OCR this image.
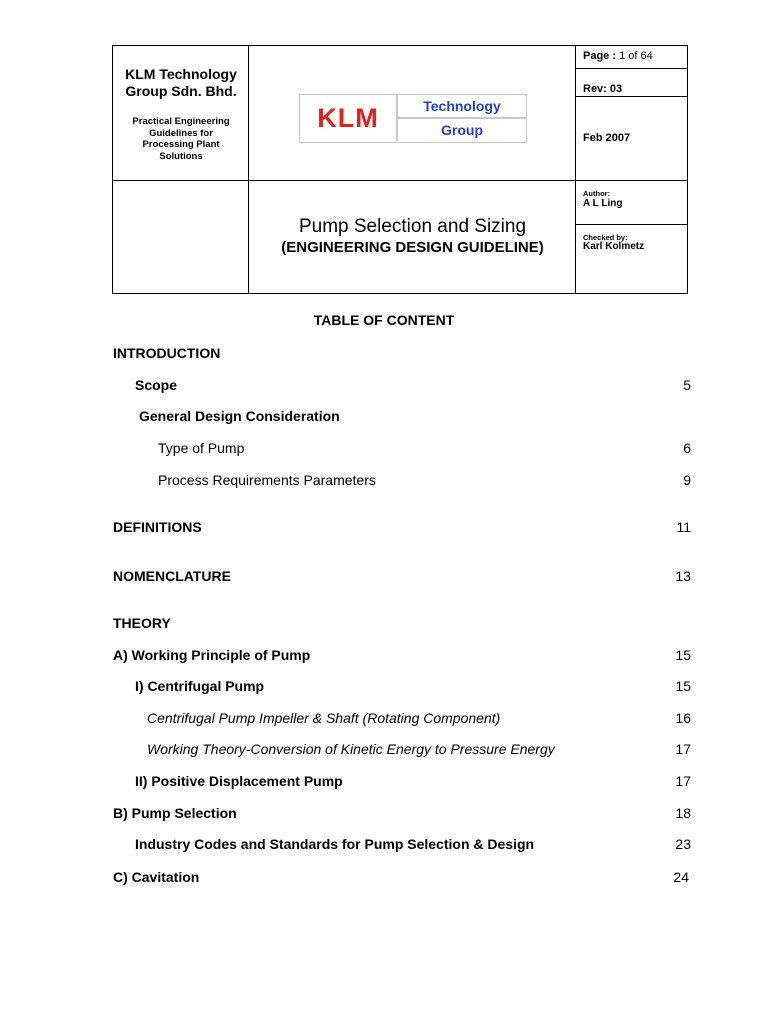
KLM Technology
Group Sdn. Bhd.
Practical Engineering
Guidelines for
Processing Plant
Solutions
KLM	Technology
Group
Page : 1 of 64
Rev: 03
Feb 2007
Author:
A L Ling
Checked by:
Karl Kolmetz
Pump Selection and Sizing
(ENGINEERING DESIGN GUIDELINE)
TABLE OF CONTENT
INTRODUCTION
Scope	5
General Design Consideration
Type of Pump	6
Process Requirements Parameters	9
DEFINITIONS	11
NOMENCLATURE	13
THEORY
A) Working Principle of Pump	15
I) Centrifugal Pump	15
Centrifugal Pump Impeller & Shaft (Rotating Component)	16
Working Theory-Conversion of Kinetic Energy to Pressure Energy	17
II) Positive Displacement Pump	17
B) Pump Selection	18
Industry Codes and Standards for Pump Selection & Design	23
C) Cavitation	24
